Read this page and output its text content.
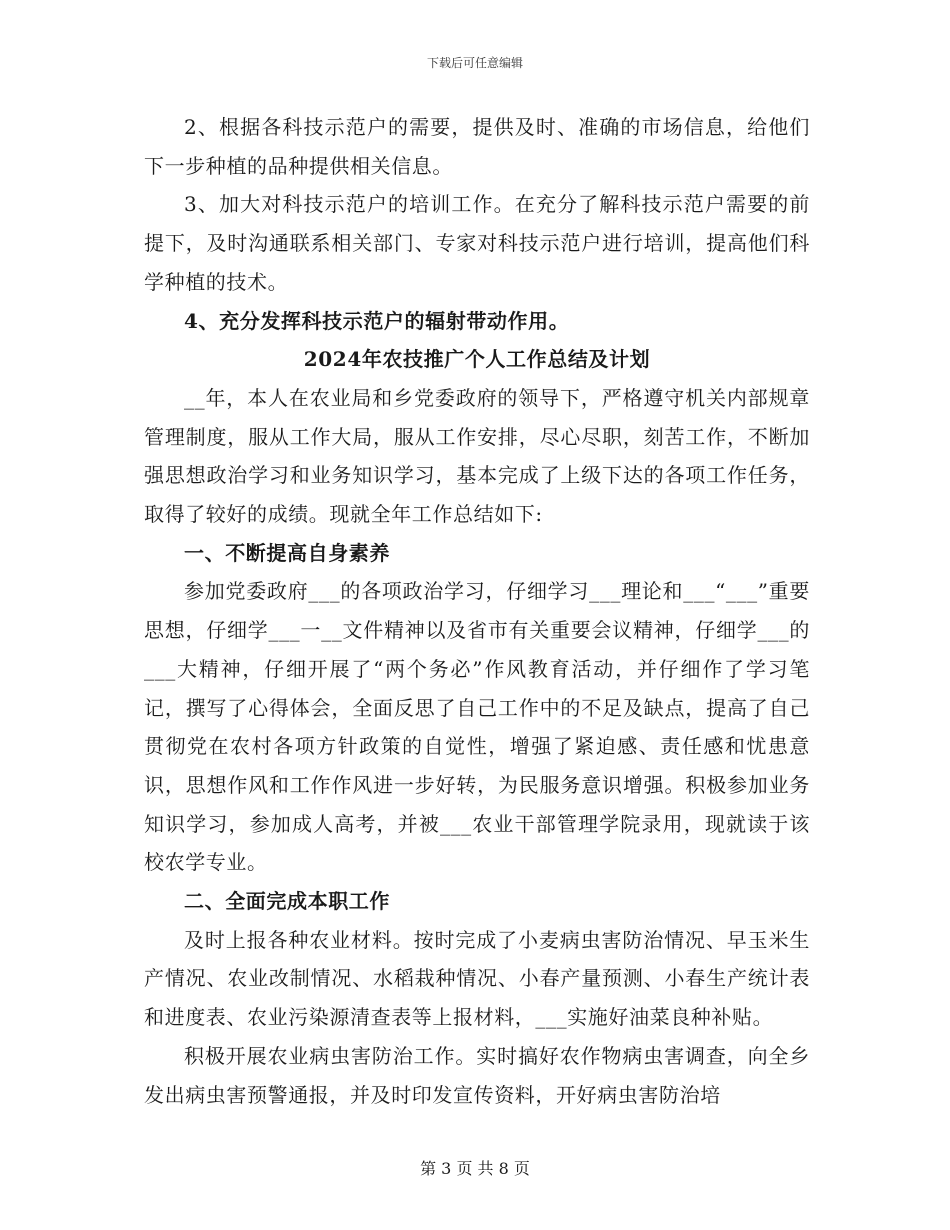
下载后可任意编辑

2、根据各科技示范户的需要，提供及时、准确的市场信息，给他们下一步种植的品种提供相关信息。

3、加大对科技示范户的培训工作。在充分了解科技示范户需要的前提下，及时沟通联系相关部门、专家对科技示范户进行培训，提高他们科学种植的技术。

4、充分发挥科技示范户的辐射带动作用。

2024年农技推广个人工作总结及计划

__年，本人在农业局和乡党委政府的领导下，严格遵守机关内部规章管理制度，服从工作大局，服从工作安排，尽心尽职，刻苦工作，不断加强思想政治学习和业务知识学习，基本完成了上级下达的各项工作任务，取得了较好的成绩。现就全年工作总结如下:

一、不断提高自身素养

参加党委政府___的各项政治学习，仔细学习___理论和___“___”重要思想，仔细学___一__文件精神以及省市有关重要会议精神，仔细学___的___大精神，仔细开展了“两个务必”作风教育活动，并仔细作了学习笔记，撰写了心得体会，全面反思了自己工作中的不足及缺点，提高了自己贯彻党在农村各项方针政策的自觉性，增强了紧迫感、责任感和忧患意识，思想作风和工作作风进一步好转，为民服务意识增强。积极参加业务知识学习，参加成人高考，并被___农业干部管理学院录用，现就读于该校农学专业。

二、全面完成本职工作

及时上报各种农业材料。按时完成了小麦病虫害防治情况、早玉米生产情况、农业改制情况、水稻栽种情况、小春产量预测、小春生产统计表和进度表、农业污染源清查表等上报材料，___实施好油菜良种补贴。

积极开展农业病虫害防治工作。实时搞好农作物病虫害调查，向全乡发出病虫害预警通报，并及时印发宣传资料，开好病虫害防治培

第 3 页 共 8 页
